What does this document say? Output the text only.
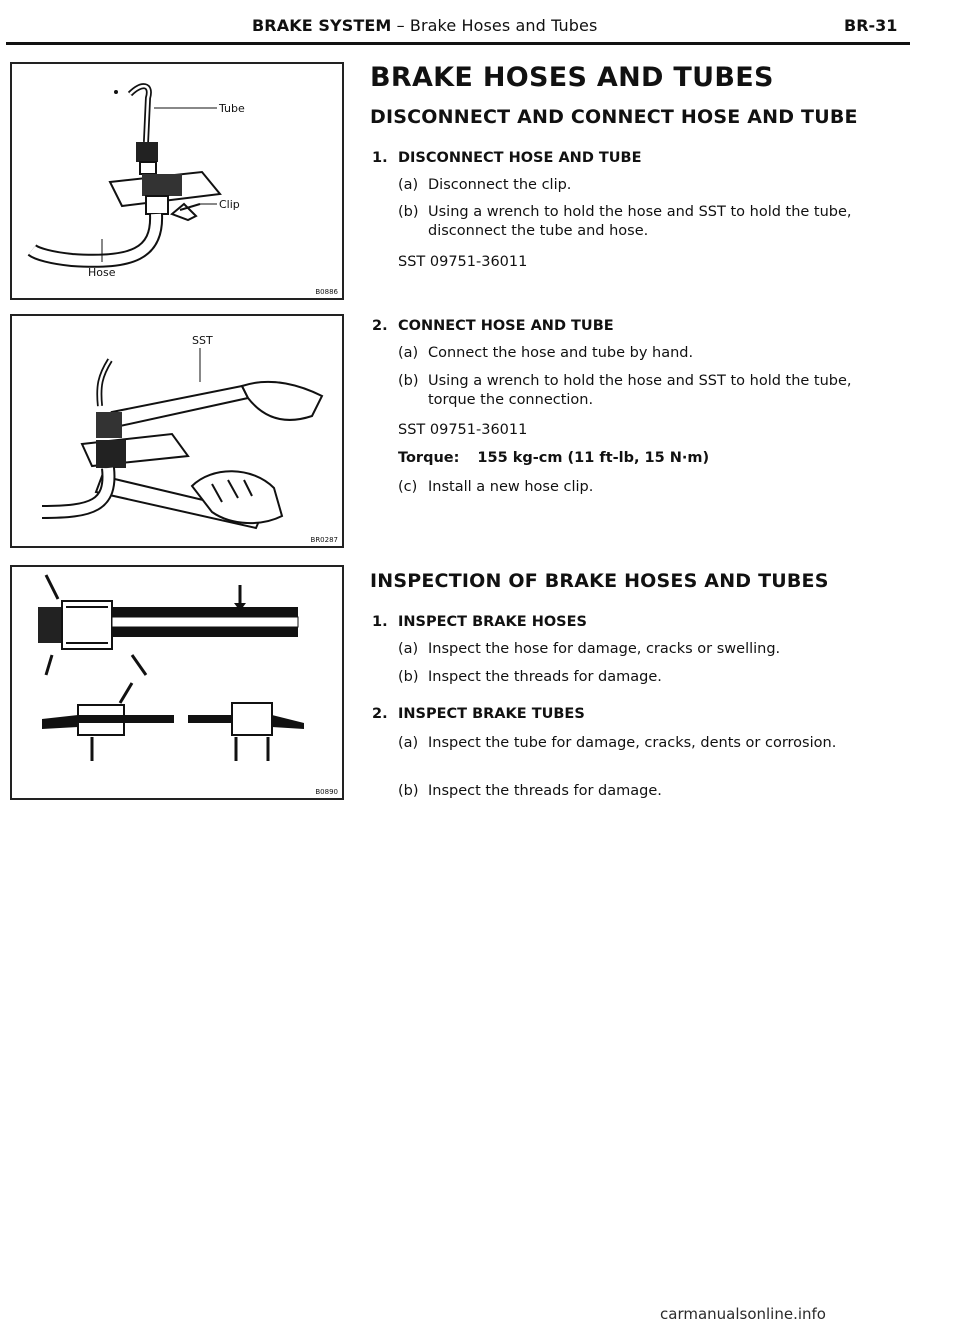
BRAKE SYSTEM – Brake Hoses and Tubes	BR-31
Tube
Clip
Hose
B0886
SST
BR0287
B0890
BRAKE HOSES AND TUBES
DISCONNECT AND CONNECT HOSE AND TUBE
1. DISCONNECT HOSE AND TUBE
(a) Disconnect the clip.
(b) Using a wrench to hold the hose and SST to hold the tube, disconnect the tube and hose.
SST 09751-36011
2. CONNECT HOSE AND TUBE
(a) Connect the hose and tube by hand.
(b) Using a wrench to hold the hose and SST to hold the tube, torque the connection.
SST 09751-36011
Torque: 155 kg-cm (11 ft-lb, 15 N·m)
(c) Install a new hose clip.
INSPECTION OF BRAKE HOSES AND TUBES
1. INSPECT BRAKE HOSES
(a) Inspect the hose for damage, cracks or swelling.
(b) Inspect the threads for damage.
2. INSPECT BRAKE TUBES
(a) Inspect the tube for damage, cracks, dents or corrosion.
(b) Inspect the threads for damage.
carmanualsonline.info
